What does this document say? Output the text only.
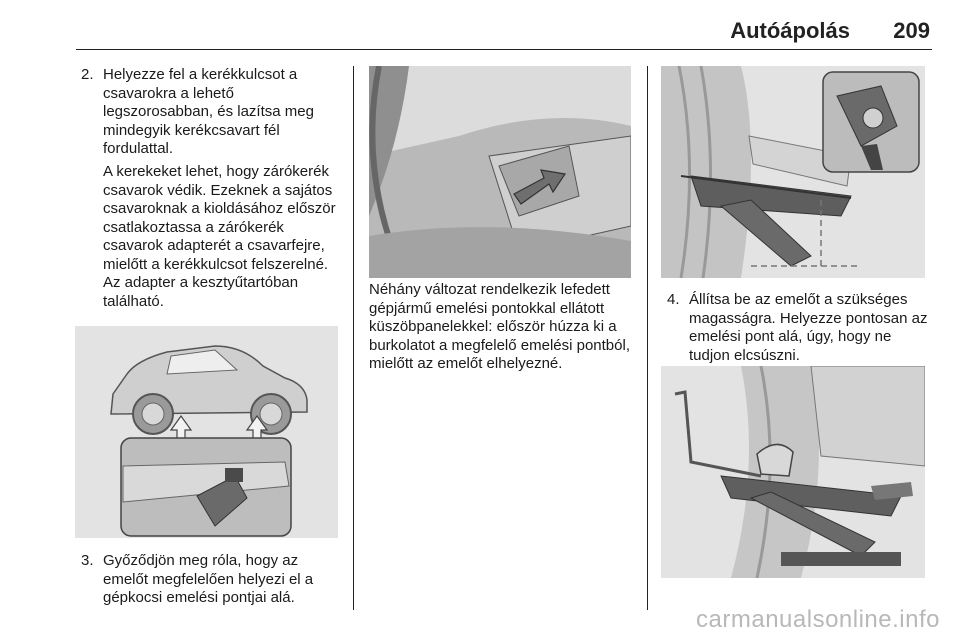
Autóápolás	209
2. Helyezze fel a kerékkulcsot a csavarokra a lehető legszorosabban, és lazítsa meg mindegyik kerékcsavart fél fordulattal.
A kerekeket lehet, hogy zárókerék csavarok védik. Ezeknek a sajátos csavaroknak a kioldásához először csatlakoztassa a zárókerék csavarok adapterét a csavarfejre, mielőtt a kerékkulcsot felszerelné. Az adapter a kesztyűtartóban található.
3. Győződjön meg róla, hogy az emelőt megfelelően helyezi el a gépkocsi emelési pontjai alá.
Néhány változat rendelkezik lefedett gépjármű emelési pontokkal ellátott küszöbpanelekkel: először húzza ki a burkolatot a megfelelő emelési pontból, mielőtt az emelőt elhelyezné.
4. Állítsa be az emelőt a szükséges magasságra. Helyezze pontosan az emelési pont alá, úgy, hogy ne tudjon elcsúszni.
carmanualsonline.info
